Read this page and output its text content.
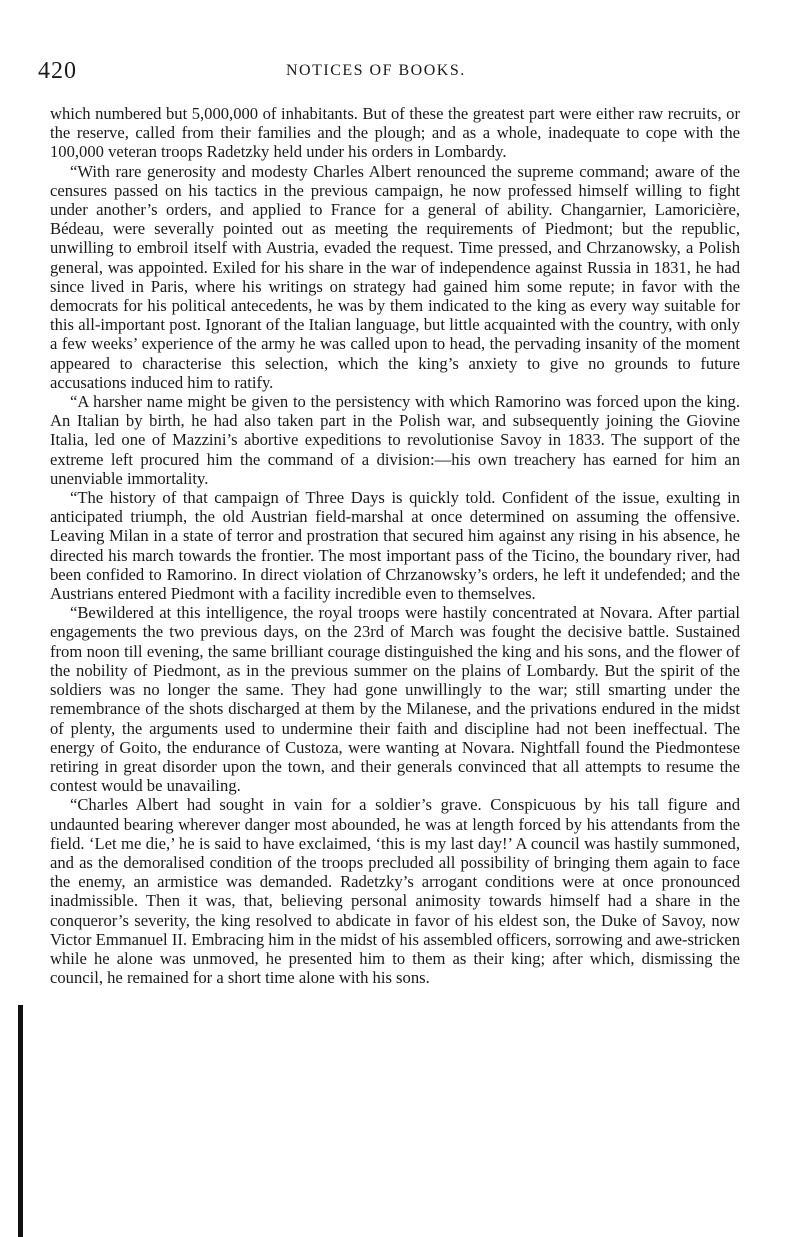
420	NOTICES OF BOOKS.

which numbered but 5,000,000 of inhabitants. But of these the greatest part were either raw recruits, or the reserve, called from their families and the plough; and as a whole, inadequate to cope with the 100,000 veteran troops Radetzky held under his orders in Lombardy.

“With rare generosity and modesty Charles Albert renounced the supreme command; aware of the censures passed on his tactics in the previous campaign, he now professed himself willing to fight under another’s orders, and applied to France for a general of ability. Changarnier, Lamoricière, Bédeau, were severally pointed out as meeting the requirements of Piedmont; but the republic, unwilling to embroil itself with Austria, evaded the request. Time pressed, and Chrzanowsky, a Polish general, was appointed. Exiled for his share in the war of independence against Russia in 1831, he had since lived in Paris, where his writings on strategy had gained him some repute; in favor with the democrats for his political antecedents, he was by them indicated to the king as every way suitable for this all-important post. Ignorant of the Italian language, but little acquainted with the country, with only a few weeks’ experience of the army he was called upon to head, the pervading insanity of the moment appeared to characterise this selection, which the king’s anxiety to give no grounds to future accusations induced him to ratify.

“A harsher name might be given to the persistency with which Ramorino was forced upon the king. An Italian by birth, he had also taken part in the Polish war, and subsequently joining the Giovine Italia, led one of Mazzini’s abortive expeditions to revolutionise Savoy in 1833. The support of the extreme left procured him the command of a division:—his own treachery has earned for him an unenviable immortality.

“The history of that campaign of Three Days is quickly told. Confident of the issue, exulting in anticipated triumph, the old Austrian field-marshal at once determined on assuming the offensive. Leaving Milan in a state of terror and prostration that secured him against any rising in his absence, he directed his march towards the frontier. The most important pass of the Ticino, the boundary river, had been confided to Ramorino. In direct violation of Chrzanowsky’s orders, he left it undefended; and the Austrians entered Piedmont with a facility incredible even to themselves.

“Bewildered at this intelligence, the royal troops were hastily concentrated at Novara. After partial engagements the two previous days, on the 23rd of March was fought the decisive battle. Sustained from noon till evening, the same brilliant courage distinguished the king and his sons, and the flower of the nobility of Piedmont, as in the previous summer on the plains of Lombardy. But the spirit of the soldiers was no longer the same. They had gone unwillingly to the war; still smarting under the remembrance of the shots discharged at them by the Milanese, and the privations endured in the midst of plenty, the arguments used to undermine their faith and discipline had not been ineffectual. The energy of Goito, the endurance of Custoza, were wanting at Novara. Nightfall found the Piedmontese retiring in great disorder upon the town, and their generals convinced that all attempts to resume the contest would be unavailing.

“Charles Albert had sought in vain for a soldier’s grave. Conspicuous by his tall figure and undaunted bearing wherever danger most abounded, he was at length forced by his attendants from the field. ‘Let me die,’ he is said to have exclaimed, ‘this is my last day!’ A council was hastily summoned, and as the demoralised condition of the troops precluded all possibility of bringing them again to face the enemy, an armistice was demanded. Radetzky’s arrogant conditions were at once pronounced inadmissible. Then it was, that, believing personal animosity towards himself had a share in the conqueror’s severity, the king resolved to abdicate in favor of his eldest son, the Duke of Savoy, now Victor Emmanuel II. Embracing him in the midst of his assembled officers, sorrowing and awe-stricken while he alone was unmoved, he presented him to them as their king; after which, dismissing the council, he remained for a short time alone with his sons.
